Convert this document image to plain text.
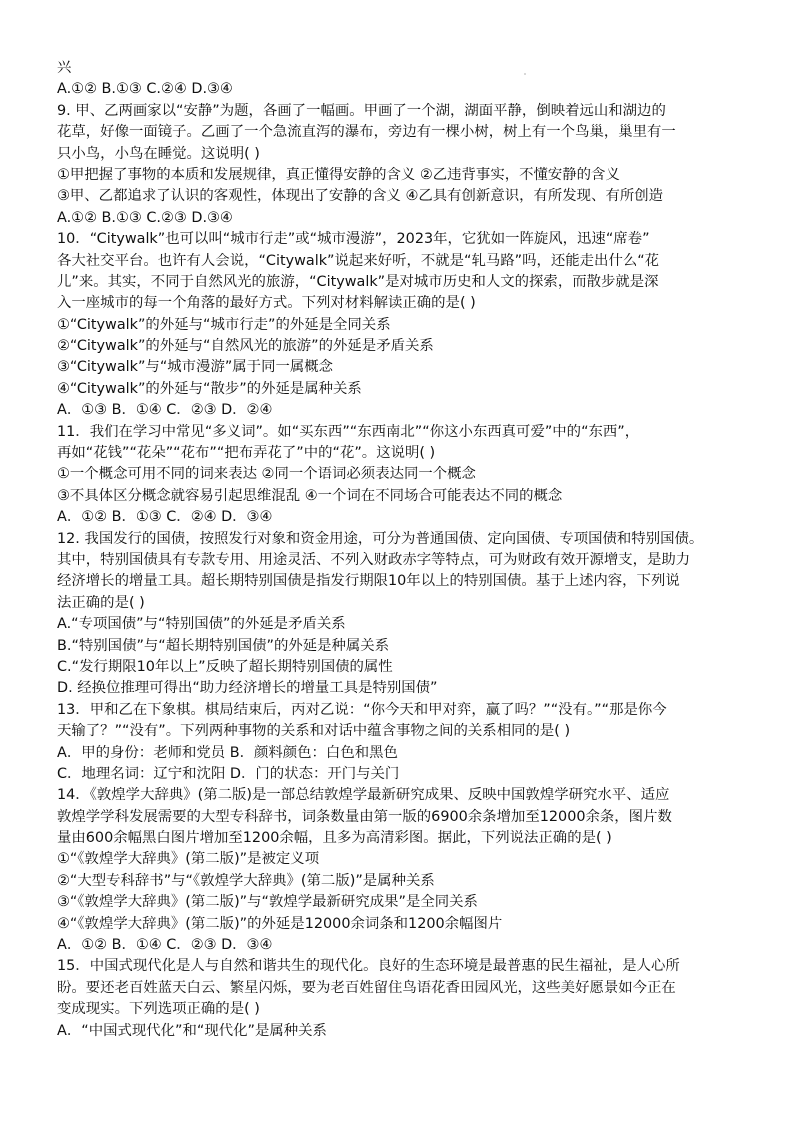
兴
A.①② B.①③ C.②④ D.③④
9. 甲、乙两画家以“安静”为题，各画了一幅画。甲画了一个湖，湖面平静，倒映着远山和湖边的
花草，好像一面镜子。乙画了一个急流直泻的瀑布，旁边有一棵小树，树上有一个鸟巢，巢里有一
只小鸟，小鸟在睡觉。这说明( )
①甲把握了事物的本质和发展规律，真正懂得安静的含义 ②乙违背事实，不懂安静的含义
③甲、乙都追求了认识的客观性，体现出了安静的含义 ④乙具有创新意识，有所发现、有所创造
A.①② B.①③ C.②③ D.③④
10．“Citywalk”也可以叫“城市行走”或“城市漫游”，2023年，它犹如一阵旋风，迅速“席卷”
各大社交平台。也许有人会说，“Citywalk”说起来好听，不就是“轧马路”吗，还能走出什么“花
儿”来。其实，不同于自然风光的旅游，“Citywalk”是对城市历史和人文的探索，而散步就是深
入一座城市的每一个角落的最好方式。下列对材料解读正确的是( )
①“Citywalk”的外延与“城市行走”的外延是全同关系
②“Citywalk”的外延与“自然风光的旅游”的外延是矛盾关系
③“Citywalk”与“城市漫游”属于同一属概念
④“Citywalk”的外延与“散步”的外延是属种关系
A．①③ B．①④ C．②③ D．②④
11．我们在学习中常见“多义词”。如“买东西”“东西南北”“你这小东西真可爱”中的“东西”，
再如“花钱”“花朵”“花布”“把布弄花了”中的“花”。这说明( )
①一个概念可用不同的词来表达 ②同一个语词必须表达同一个概念
③不具体区分概念就容易引起思维混乱 ④一个词在不同场合可能表达不同的概念
A．①② B．①③ C．②④ D．③④
12. 我国发行的国债，按照发行对象和资金用途，可分为普通国债、定向国债、专项国债和特别国债。
其中，特别国债具有专款专用、用途灵活、不列入财政赤字等特点，可为财政有效开源增支，是助力
经济增长的增量工具。超长期特别国债是指发行期限10年以上的特别国债。基于上述内容，下列说
法正确的是( )
A.“专项国债”与“特别国债”的外延是矛盾关系
B.“特别国债”与“超长期特别国债”的外延是种属关系
C.“发行期限10年以上”反映了超长期特别国债的属性
D. 经换位推理可得出“助力经济增长的增量工具是特别国债”
13．甲和乙在下象棋。棋局结束后，丙对乙说：“你今天和甲对弈，赢了吗？”“没有。”“那是你今
天输了？”“没有”。下列两种事物的关系和对话中蕴含事物之间的关系相同的是( )
A．甲的身份：老师和党员 B．颜料颜色：白色和黑色
C．地理名词：辽宁和沈阳 D．门的状态：开门与关门
14．《敦煌学大辞典》(第二版)是一部总结敦煌学最新研究成果、反映中国敦煌学研究水平、适应
敦煌学学科发展需要的大型专科辞书，词条数量由第一版的6900余条增加至12000余条，图片数
量由600余幅黑白图片增加至1200余幅，且多为高清彩图。据此，下列说法正确的是( )
①“《敦煌学大辞典》(第二版)”是被定义项
②“大型专科辞书”与“《敦煌学大辞典》(第二版)”是属种关系
③“《敦煌学大辞典》(第二版)”与“敦煌学最新研究成果”是全同关系
④“《敦煌学大辞典》(第二版)”的外延是12000余词条和1200余幅图片
A．①② B．①④ C．②③ D．③④
15．中国式现代化是人与自然和谐共生的现代化。良好的生态环境是最普惠的民生福祉，是人心所
盼。要还老百姓蓝天白云、繁星闪烁，要为老百姓留住鸟语花香田园风光，这些美好愿景如今正在
变成现实。下列选项正确的是( )
A．“中国式现代化”和“现代化”是属种关系
